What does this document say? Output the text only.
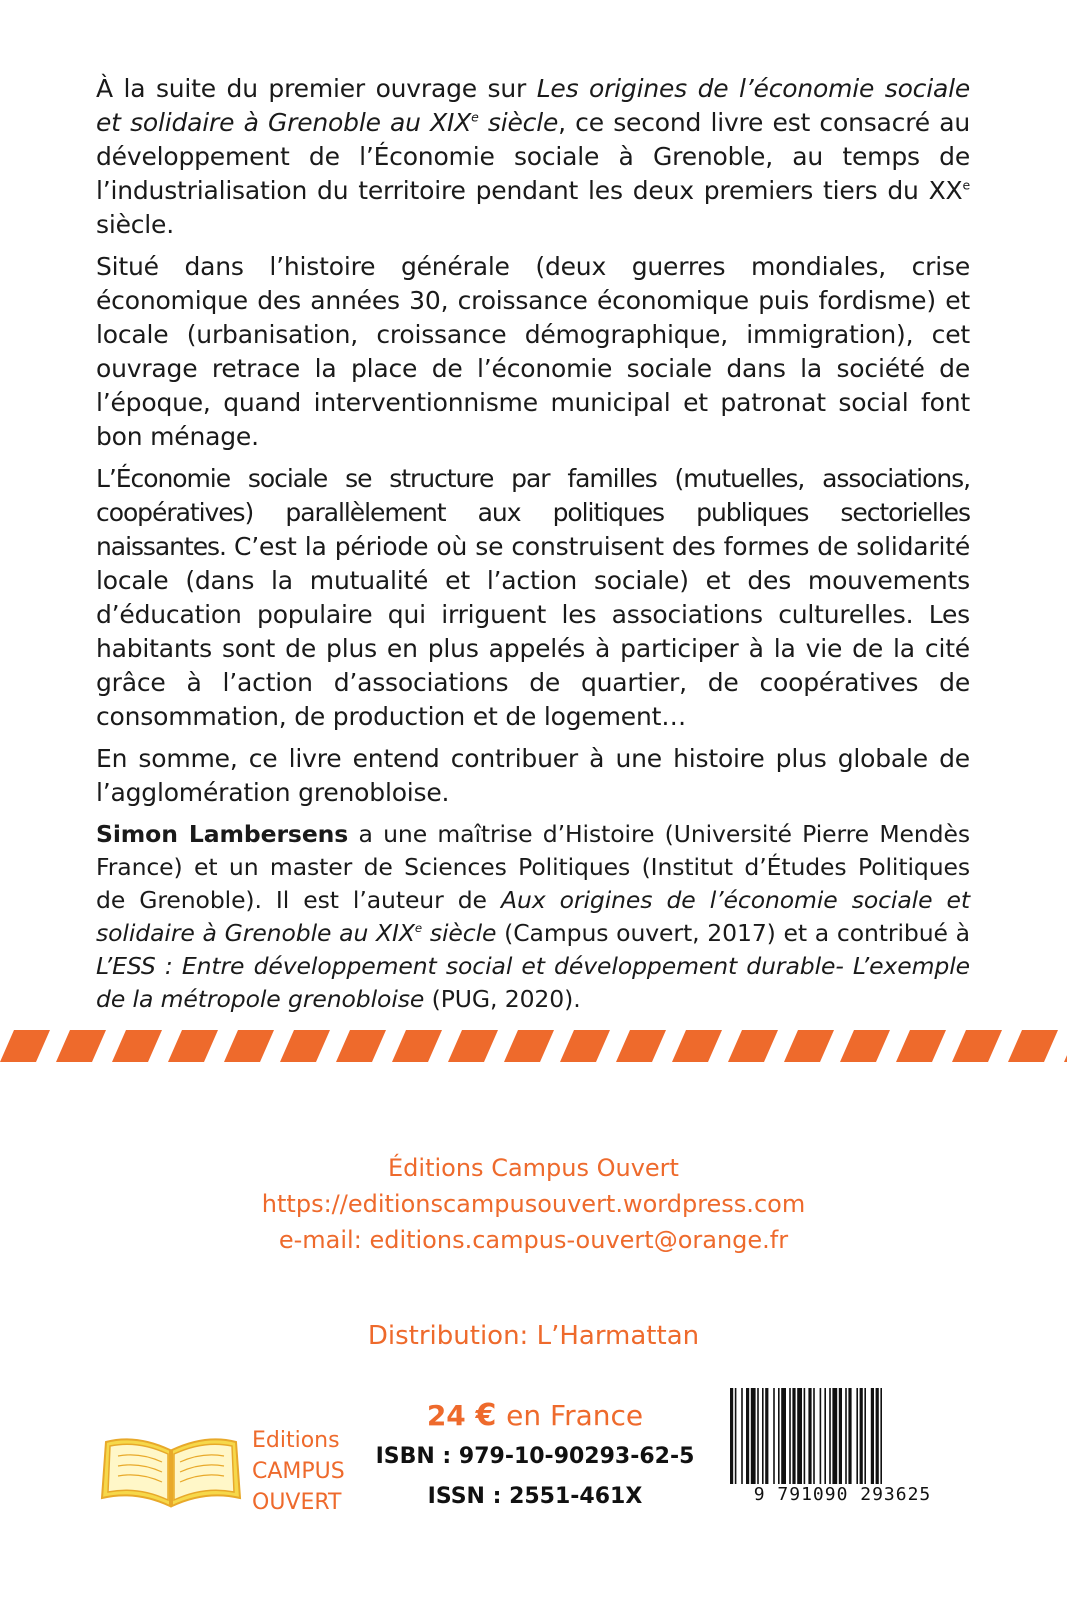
À la suite du premier ouvrage sur Les origines de l’économie sociale et solidaire à Grenoble au XIXe siècle, ce second livre est consacré au développement de l’Économie sociale à Grenoble, au temps de l’industrialisation du territoire pendant les deux premiers tiers du XXe siècle.

Situé dans l’histoire générale (deux guerres mondiales, crise économique des années 30, croissance économique puis fordisme) et locale (urbanisation, croissance démographique, immigration), cet ouvrage retrace la place de l’économie sociale dans la société de l’époque, quand interventionnisme municipal et patronat social font bon ménage.

L’Économie sociale se structure par familles (mutuelles, associations, coopératives) parallèlement aux politiques publiques sectorielles naissantes. C’est la période où se construisent des formes de solidarité locale (dans la mutualité et l’action sociale) et des mouvements d’éducation populaire qui irriguent les associations culturelles. Les habitants sont de plus en plus appelés à participer à la vie de la cité grâce à l’action d’associations de quartier, de coopératives de consommation, de production et de logement…

En somme, ce livre entend contribuer à une histoire plus globale de l’agglomération grenobloise.

Simon Lambersens a une maîtrise d’Histoire (Université Pierre Mendès France) et un master de Sciences Politiques (Institut d’Études Politiques de Grenoble). Il est l’auteur de Aux origines de l’économie sociale et solidaire à Grenoble au XIXe siècle (Campus ouvert, 2017) et a contribué à L’ESS : Entre développement social et développement durable- L’exemple de la métropole grenobloise (PUG, 2020).

Éditions Campus Ouvert
https://editionscampusouvert.wordpress.com
e-mail: editions.campus-ouvert@orange.fr
Distribution: L’Harmattan
24 € en France
ISBN : 979-10-90293-62-5
ISSN : 2551-461X
Editions
CAMPUS
OUVERT	9 791090 293625
